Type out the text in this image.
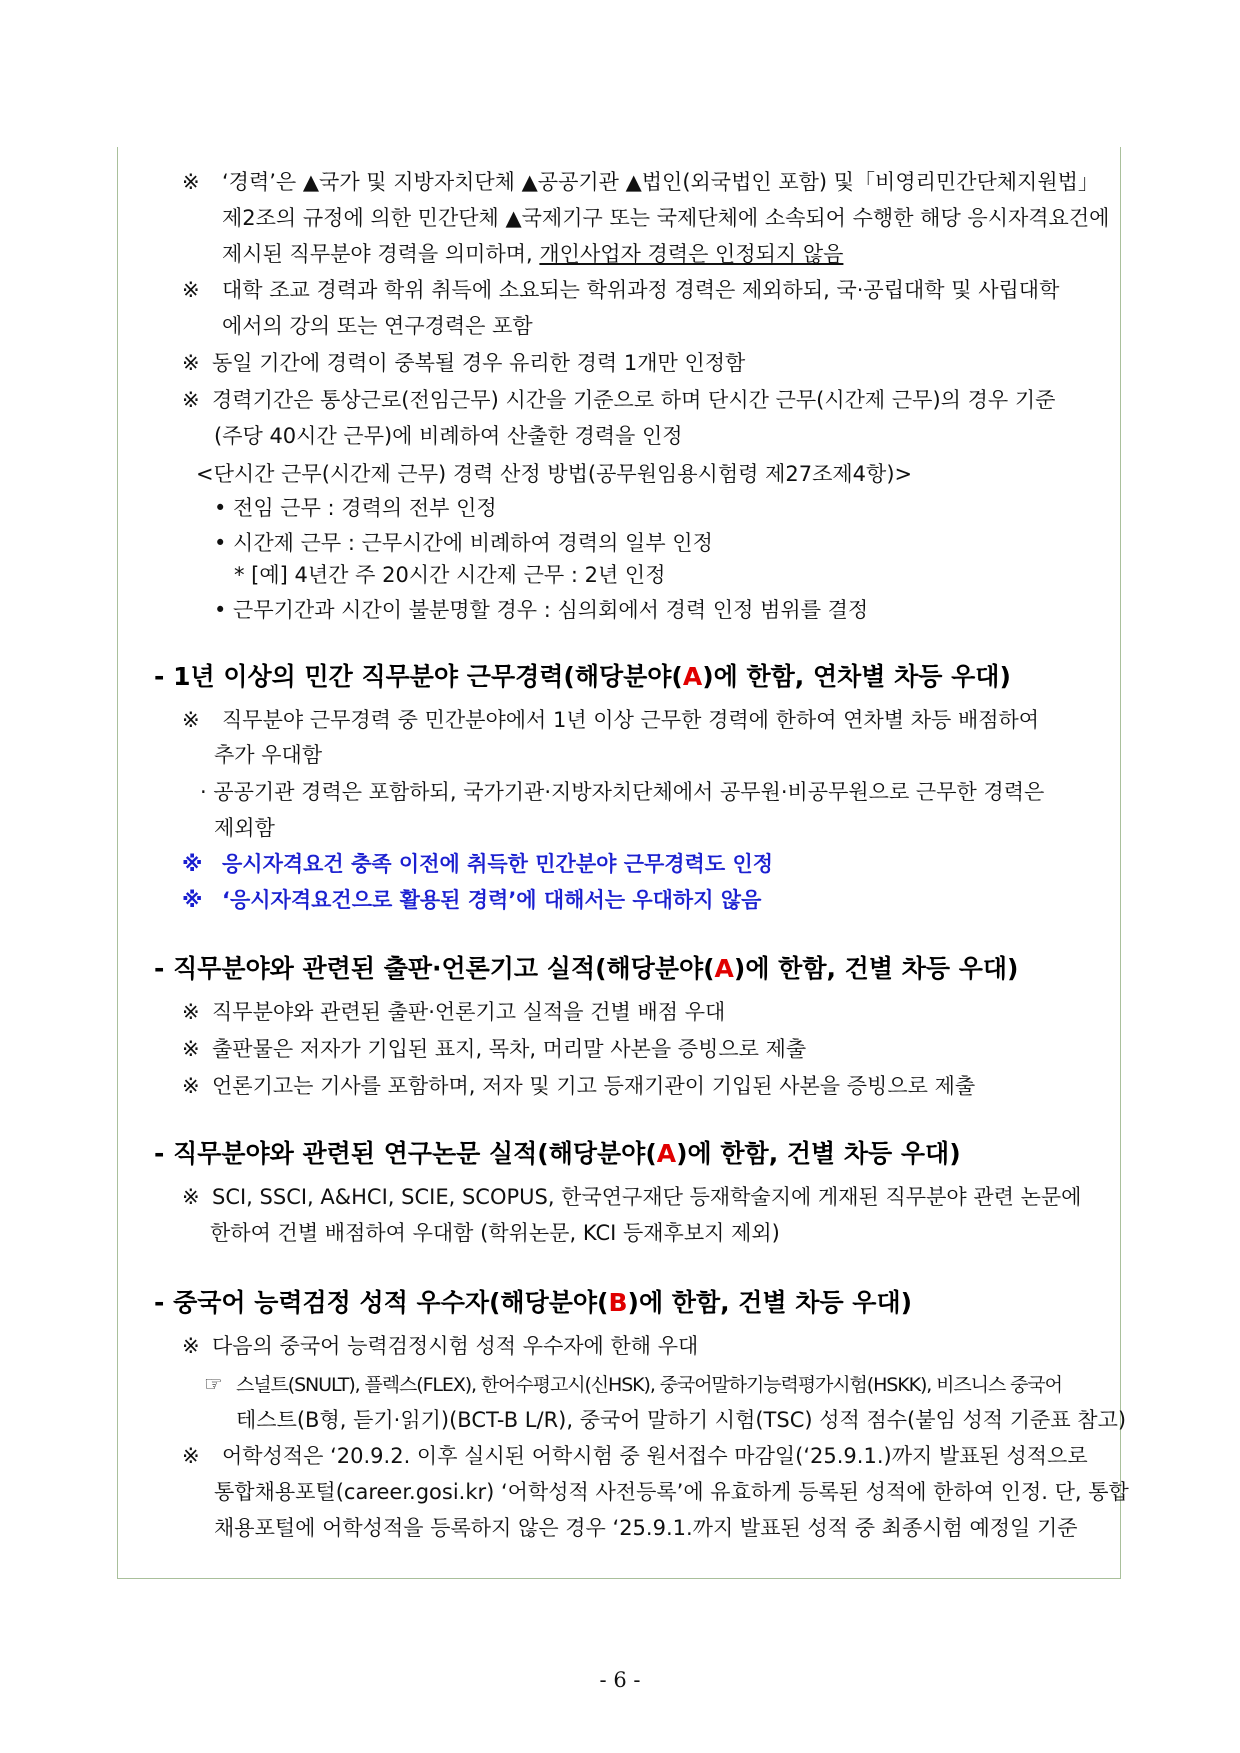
※ ‘경력’은 ▲국가 및 지방자치단체 ▲공공기관 ▲법인(외국법인 포함) 및「비영리민간단체지원법」
제2조의 규정에 의한 민간단체 ▲국제기구 또는 국제단체에 소속되어 수행한 해당 응시자격요건에
제시된 직무분야 경력을 의미하며, 개인사업자 경력은 인정되지 않음
※ 대학 조교 경력과 학위 취득에 소요되는 학위과정 경력은 제외하되, 국·공립대학 및 사립대학
에서의 강의 또는 연구경력은 포함
※ 동일 기간에 경력이 중복될 경우 유리한 경력 1개만 인정함
※ 경력기간은 통상근로(전임근무) 시간을 기준으로 하며 단시간 근무(시간제 근무)의 경우 기준
(주당 40시간 근무)에 비례하여 산출한 경력을 인정
<단시간 근무(시간제 근무) 경력 산정 방법(공무원임용시험령 제27조제4항)>
• 전임 근무 : 경력의 전부 인정
• 시간제 근무 : 근무시간에 비례하여 경력의 일부 인정
* [예] 4년간 주 20시간 시간제 근무 : 2년 인정
• 근무기간과 시간이 불분명할 경우 : 심의회에서 경력 인정 범위를 결정
- 1년 이상의 민간 직무분야 근무경력(해당분야(A)에 한함, 연차별 차등 우대)
※ 직무분야 근무경력 중 민간분야에서 1년 이상 근무한 경력에 한하여 연차별 차등 배점하여
추가 우대함
· 공공기관 경력은 포함하되, 국가기관·지방자치단체에서 공무원·비공무원으로 근무한 경력은
제외함
※ 응시자격요건 충족 이전에 취득한 민간분야 근무경력도 인정
※ ‘응시자격요건으로 활용된 경력’에 대해서는 우대하지 않음
- 직무분야와 관련된 출판·언론기고 실적(해당분야(A)에 한함, 건별 차등 우대)
※ 직무분야와 관련된 출판·언론기고 실적을 건별 배점 우대
※ 출판물은 저자가 기입된 표지, 목차, 머리말 사본을 증빙으로 제출
※ 언론기고는 기사를 포함하며, 저자 및 기고 등재기관이 기입된 사본을 증빙으로 제출
- 직무분야와 관련된 연구논문 실적(해당분야(A)에 한함, 건별 차등 우대)
※ SCI, SSCI, A&HCI, SCIE, SCOPUS, 한국연구재단 등재학술지에 게재된 직무분야 관련 논문에
한하여 건별 배점하여 우대함 (학위논문, KCI 등재후보지 제외)
- 중국어 능력검정 성적 우수자(해당분야(B)에 한함, 건별 차등 우대)
※ 다음의 중국어 능력검정시험 성적 우수자에 한해 우대
☞ 스널트(SNULT), 플렉스(FLEX), 한어수평고시(신HSK), 중국어말하기능력평가시험(HSKK), 비즈니스 중국어
테스트(B형, 듣기·읽기)(BCT-B L/R), 중국어 말하기 시험(TSC) 성적 점수(붙임 성적 기준표 참고)
※ 어학성적은 ‘20.9.2. 이후 실시된 어학시험 중 원서접수 마감일(‘25.9.1.)까지 발표된 성적으로
통합채용포털(career.gosi.kr) ‘어학성적 사전등록’에 유효하게 등록된 성적에 한하여 인정. 단, 통합
채용포털에 어학성적을 등록하지 않은 경우 ‘25.9.1.까지 발표된 성적 중 최종시험 예정일 기준
- 6 -
